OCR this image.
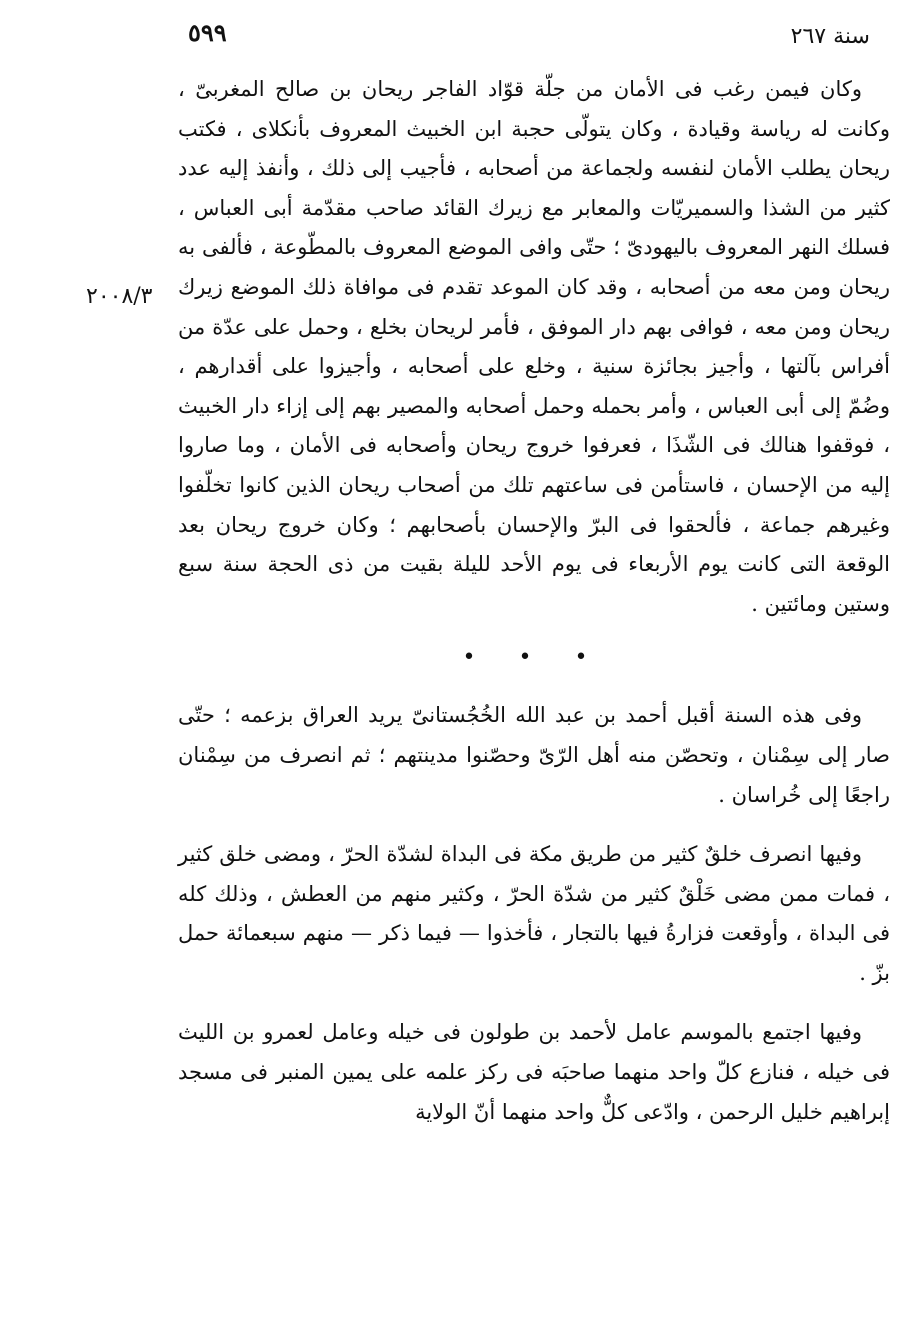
٥٩٩	سنة ٢٦٧
٢٠٠٨/٣

وكان فيمن رغب فى الأمان من جلّة قوّاد الفاجر ريحان بن صالح المغربىّ ، وكانت له رياسة وقيادة ، وكان يتولّى حجبة ابن الخبيث المعروف بأنكلاى ، فكتب ريحان يطلب الأمان لنفسه ولجماعة من أصحابه ، فأجيب إلى ذلك ، وأنفذ إليه عدد كثير من الشذا والسميريّات والمعابر مع زيرك القائد صاحب مقدّمة أبى العباس ، فسلك النهر المعروف باليهودىّ ؛ حتّى وافى الموضع المعروف بالمطّوعة ، فألفى به ريحان ومن معه من أصحابه ، وقد كان الموعد تقدم فى موافاة ذلك الموضع زيرك ريحان ومن معه ، فوافى بهم دار الموفق ، فأمر لريحان بخلع ، وحمل على عدّة من أفراس بآلتها ، وأجيز بجائزة سنية ، وخلع على أصحابه ، وأجيزوا على أقدارهم ، وضُمّ إلى أبى العباس ، وأمر بحمله وحمل أصحابه والمصير بهم إلى إزاء دار الخبيث ، فوقفوا هنالك فى الشّذَا ، فعرفوا خروج ريحان وأصحابه فى الأمان ، وما صاروا إليه من الإحسان ، فاستأمن فى ساعتهم تلك من أصحاب ريحان الذين كانوا تخلّفوا وغيرهم جماعة ، فألحقوا فى البرّ والإحسان بأصحابهم ؛ وكان خروج ريحان بعد الوقعة التى كانت يوم الأربعاء فى يوم الأحد لليلة بقيت من ذى الحجة سنة سبع وستين ومائتين .

• • •

وفى هذه السنة أقبل أحمد بن عبد الله الخُجُستانىّ يريد العراق بزعمه ؛ حتّى صار إلى سِمْنان ، وتحصّن منه أهل الرّىّ وحصّنوا مدينتهم ؛ ثم انصرف من سِمْنان راجعًا إلى خُراسان .

وفيها انصرف خلقٌ كثير من طريق مكة فى البداة لشدّة الحرّ ، ومضى خلق كثير ، فمات ممن مضى خَلْقٌ كثير من شدّة الحرّ ، وكثير منهم من العطش ، وذلك كله فى البداة ، وأوقعت فزارةُ فيها بالتجار ، فأخذوا — فيما ذكر — منهم سبعمائة حمل بزّ .

وفيها اجتمع بالموسم عامل لأحمد بن طولون فى خيله وعامل لعمرو بن الليث فى خيله ، فنازع كلّ واحد منهما صاحبَه فى ركز علمه على يمين المنبر فى مسجد إبراهيم خليل الرحمن ، وادّعى كلٌّ واحد منهما أنّ الولاية
